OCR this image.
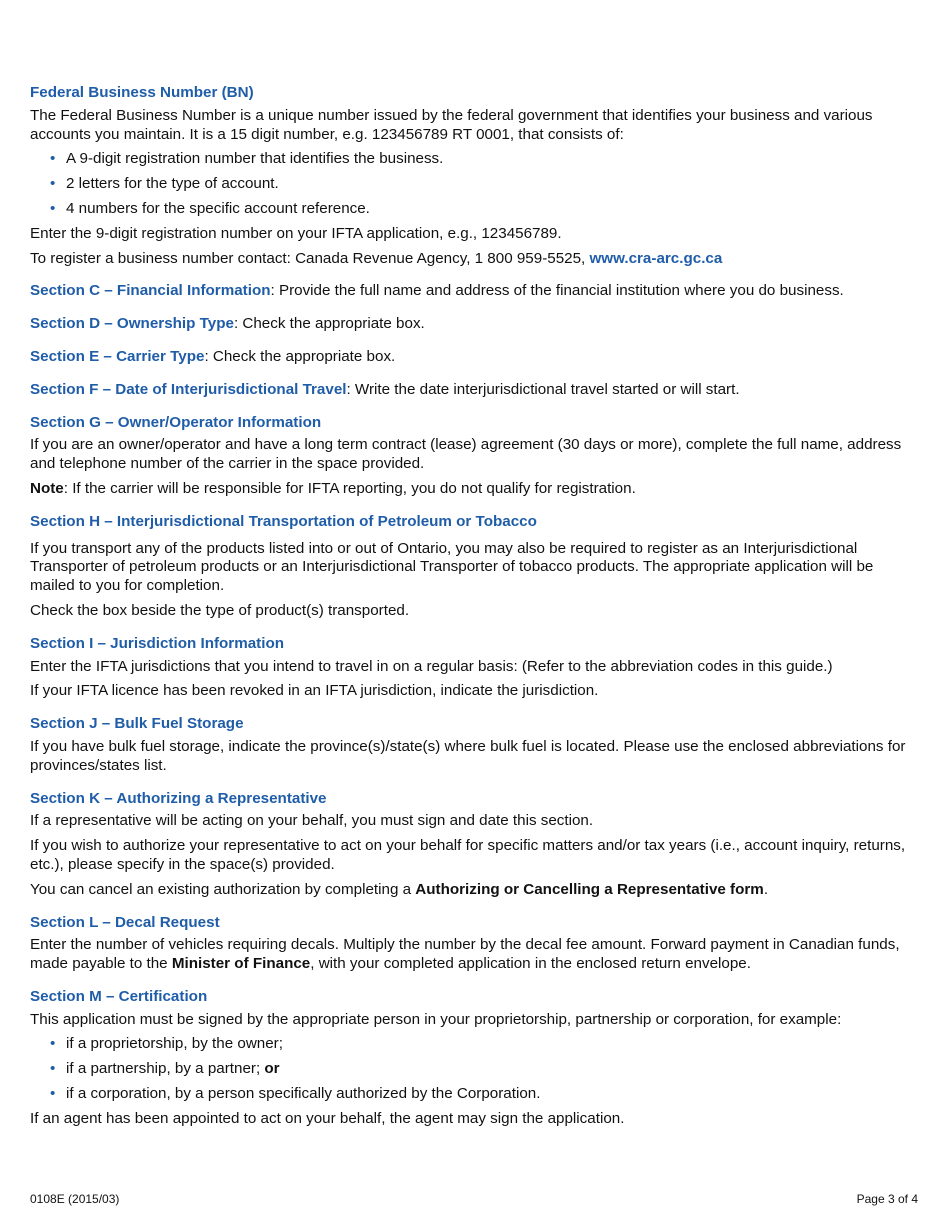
Federal Business Number (BN)
The Federal Business Number is a unique number issued by the federal government that identifies your business and various accounts you maintain. It is a 15 digit number, e.g. 123456789 RT 0001, that consists of:
• A 9-digit registration number that identifies the business.
• 2 letters for the type of account.
• 4 numbers for the specific account reference.
Enter the 9-digit registration number on your IFTA application, e.g., 123456789.
To register a business number contact: Canada Revenue Agency, 1 800 959-5525, www.cra-arc.gc.ca
Section C – Financial Information: Provide the full name and address of the financial institution where you do business.
Section D – Ownership Type: Check the appropriate box.
Section E – Carrier Type: Check the appropriate box.
Section F – Date of Interjurisdictional Travel: Write the date interjurisdictional travel started or will start.
Section G – Owner/Operator Information
If you are an owner/operator and have a long term contract (lease) agreement (30 days or more), complete the full name, address and telephone number of the carrier in the space provided.
Note: If the carrier will be responsible for IFTA reporting, you do not qualify for registration.
Section H – Interjurisdictional Transportation of Petroleum or Tobacco
If you transport any of the products listed into or out of Ontario, you may also be required to register as an Interjurisdictional Transporter of petroleum products or an Interjurisdictional Transporter of tobacco products. The appropriate application will be mailed to you for completion.
Check the box beside the type of product(s) transported.
Section I – Jurisdiction Information
Enter the IFTA jurisdictions that you intend to travel in on a regular basis: (Refer to the abbreviation codes in this guide.)
If your IFTA licence has been revoked in an IFTA jurisdiction, indicate the jurisdiction.
Section J – Bulk Fuel Storage
If you have bulk fuel storage, indicate the province(s)/state(s) where bulk fuel is located. Please use the enclosed abbreviations for provinces/states list.
Section K – Authorizing a Representative
If a representative will be acting on your behalf, you must sign and date this section.
If you wish to authorize your representative to act on your behalf for specific matters and/or tax years (i.e., account inquiry, returns, etc.), please specify in the space(s) provided.
You can cancel an existing authorization by completing a Authorizing or Cancelling a Representative form.
Section L – Decal Request
Enter the number of vehicles requiring decals. Multiply the number by the decal fee amount. Forward payment in Canadian funds, made payable to the Minister of Finance, with your completed application in the enclosed return envelope.
Section M – Certification
This application must be signed by the appropriate person in your proprietorship, partnership or corporation, for example:
• if a proprietorship, by the owner;
• if a partnership, by a partner; or
• if a corporation, by a person specifically authorized by the Corporation.
If an agent has been appointed to act on your behalf, the agent may sign the application.
0108E (2015/03)	Page 3 of 4
